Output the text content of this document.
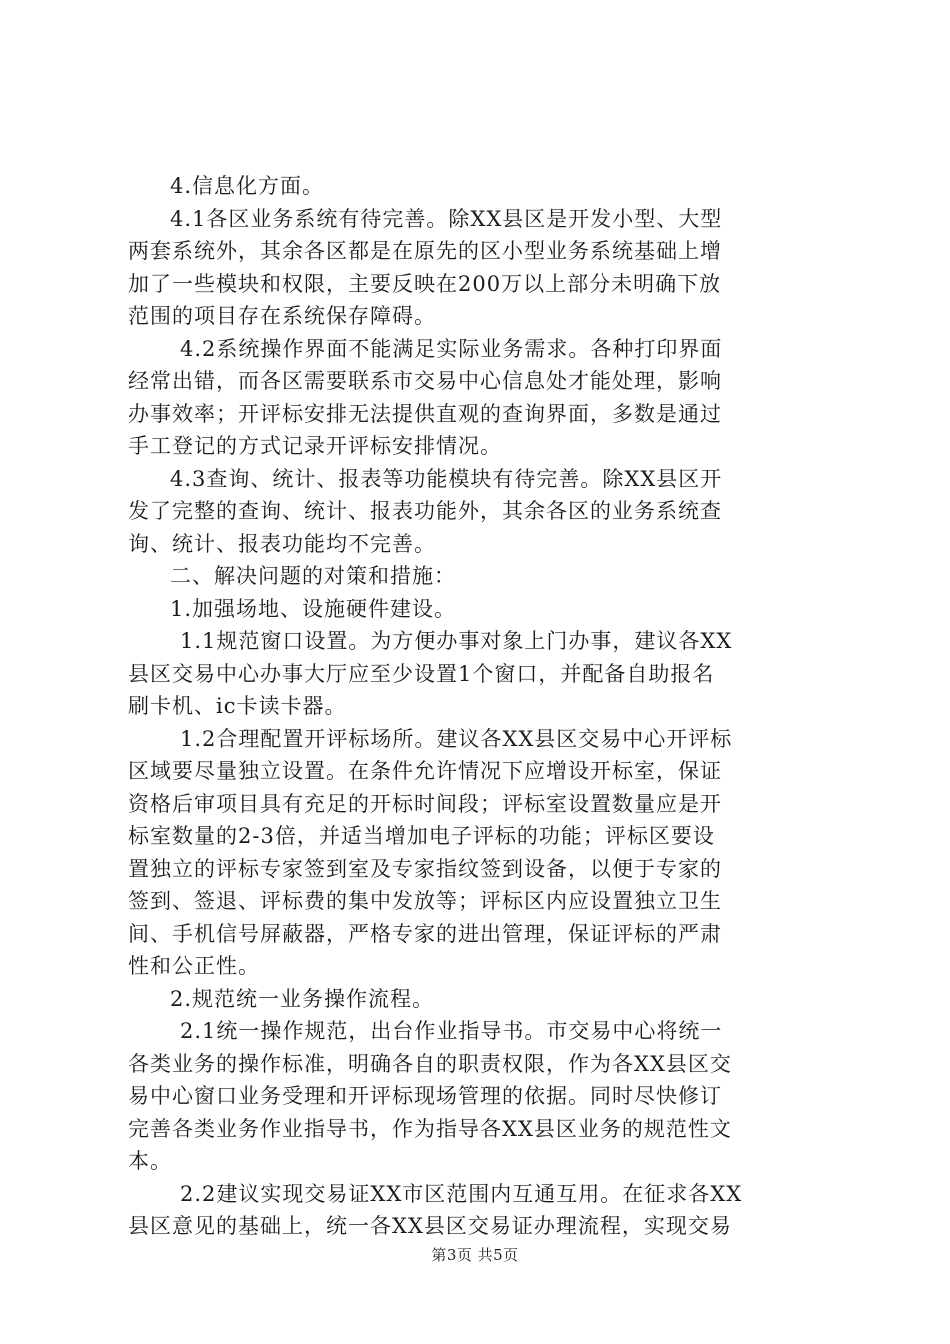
4.信息化方面。
4.1各区业务系统有待完善。除XX县区是开发小型、大型
两套系统外，其余各区都是在原先的区小型业务系统基础上增
加了一些模块和权限，主要反映在200万以上部分未明确下放
范围的项目存在系统保存障碍。
4.2系统操作界面不能满足实际业务需求。各种打印界面
经常出错，而各区需要联系市交易中心信息处才能处理，影响
办事效率；开评标安排无法提供直观的查询界面，多数是通过
手工登记的方式记录开评标安排情况。
4.3查询、统计、报表等功能模块有待完善。除XX县区开
发了完整的查询、统计、报表功能外，其余各区的业务系统查
询、统计、报表功能均不完善。
二、解决问题的对策和措施：
1.加强场地、设施硬件建设。
1.1规范窗口设置。为方便办事对象上门办事，建议各XX
县区交易中心办事大厅应至少设置1个窗口，并配备自助报名
刷卡机、ic卡读卡器。
1.2合理配置开评标场所。建议各XX县区交易中心开评标
区域要尽量独立设置。在条件允许情况下应增设开标室，保证
资格后审项目具有充足的开标时间段；评标室设置数量应是开
标室数量的2-3倍，并适当增加电子评标的功能；评标区要设
置独立的评标专家签到室及专家指纹签到设备，以便于专家的
签到、签退、评标费的集中发放等；评标区内应设置独立卫生
间、手机信号屏蔽器，严格专家的进出管理，保证评标的严肃
性和公正性。
2.规范统一业务操作流程。
2.1统一操作规范，出台作业指导书。市交易中心将统一
各类业务的操作标准，明确各自的职责权限，作为各XX县区交
易中心窗口业务受理和开评标现场管理的依据。同时尽快修订
完善各类业务作业指导书，作为指导各XX县区业务的规范性文
本。
2.2建议实现交易证XX市区范围内互通互用。在征求各XX
县区意见的基础上，统一各XX县区交易证办理流程，实现交易
第3页 共5页
